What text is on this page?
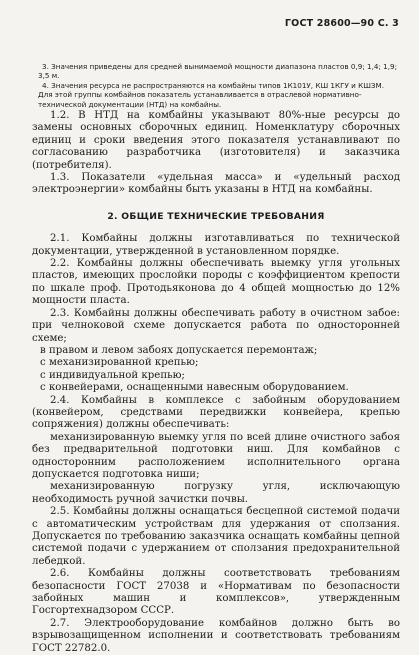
ГОСТ 28600—90 С. 3

3. Значения приведены для средней вынимаемой мощности диапазона пластов 0,9; 1,4; 1,9; 3,5 м.

4. Значения ресурса не распространяются на комбайны типов 1К101У, КШ 1КГУ и КШЗМ. Для этой группы комбайнов показатель устанавливается в отраслевой нормативно-технической документации (НТД) на комбайны.

1.2. В НТД на комбайны указывают 80%-ные ресурсы до замены основных сборочных единиц. Номенклатуру сборочных единиц и сроки введения этого показателя устанавливают по согласованию разработчика (изготовителя) и заказчика (потребителя).

1.3. Показатели «удельная масса» и «удельный расход электроэнергии» комбайны быть указаны в НТД на комбайны.

2. ОБЩИЕ ТЕХНИЧЕСКИЕ ТРЕБОВАНИЯ

2.1. Комбайны должны изготавливаться по технической документации, утвержденной в установленном порядке.

2.2. Комбайны должны обеспечивать выемку угля угольных пластов, имеющих прослойки породы с коэффициентом крепости по шкале проф. Протодьяконова до 4 общей мощностью до 12% мощности пласта.

2.3. Комбайны должны обеспечивать работу в очистном забое: при челноковой схеме допускается работа по односторонней схеме;

в правом и левом забоях допускается перемонтаж;

с механизированной крепью;

с индивидуальной крепью;

с конвейерами, оснащенными навесным оборудованием.

2.4. Комбайны в комплексе с забойным оборудованием (конвейером, средствами передвижки конвейера, крепью сопряжения) должны обеспечивать:

механизированную выемку угля по всей длине очистного забоя без предварительной подготовки ниш. Для комбайнов с односторонним расположением исполнительного органа допускается подготовка ниши;

механизированную погрузку угля, исключающую необходимость ручной зачистки почвы.

2.5. Комбайны должны оснащаться бесцепной системой подачи с автоматическим устройствам для удержания от сползания. Допускается по требованию заказчика оснащать комбайны цепной системой подачи с удержанием от сползания предохранительной лебедкой.

2.6. Комбайны должны соответствовать требованиям безопасности ГОСТ 27038 и «Нормативам по безопасности забойных машин и комплексов», утвержденным Госгортехнадзором СССР.

2.7. Электрооборудование комбайнов должно быть во взрывозащищенном исполнении и соответствовать требованиям ГОСТ 22782.0.
